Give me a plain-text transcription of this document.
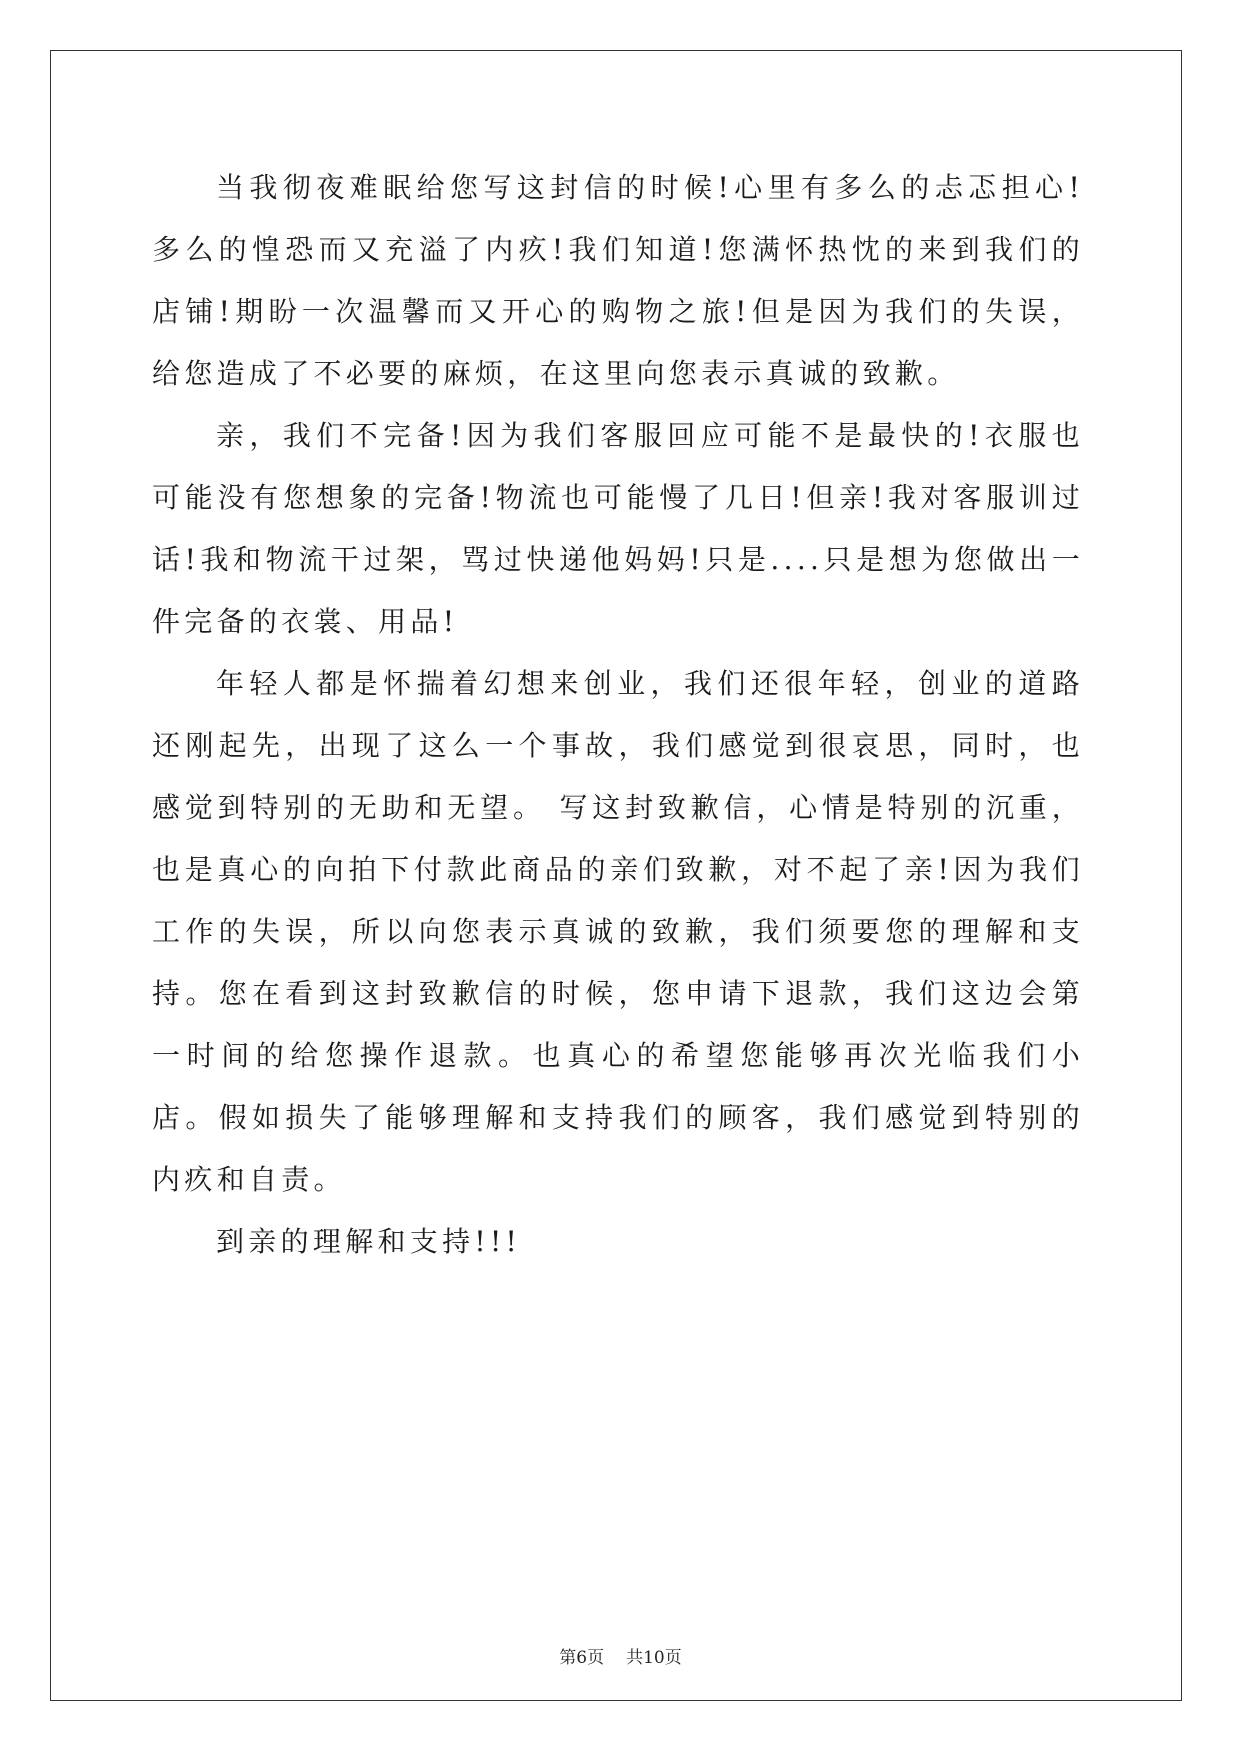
当我彻夜难眠给您写这封信的时候!心里有多么的忐忑担心!多么的惶恐而又充溢了内疚!我们知道!您满怀热忱的来到我们的店铺!期盼一次温馨而又开心的购物之旅!但是因为我们的失误，给您造成了不必要的麻烦，在这里向您表示真诚的致歉。

亲，我们不完备!因为我们客服回应可能不是最快的!衣服也可能没有您想象的完备!物流也可能慢了几日!但亲!我对客服训过话!我和物流干过架，骂过快递他妈妈!只是....只是想为您做出一件完备的衣裳、用品!

年轻人都是怀揣着幻想来创业，我们还很年轻，创业的道路还刚起先，出现了这么一个事故，我们感觉到很哀思，同时，也感觉到特别的无助和无望。 写这封致歉信，心情是特别的沉重，也是真心的向拍下付款此商品的亲们致歉，对不起了亲!因为我们工作的失误，所以向您表示真诚的致歉，我们须要您的理解和支持。您在看到这封致歉信的时候，您申请下退款，我们这边会第一时间的给您操作退款。也真心的希望您能够再次光临我们小店。假如损失了能够理解和支持我们的顾客，我们感觉到特别的内疚和自责。

到亲的理解和支持!!!

第6页 共10页
